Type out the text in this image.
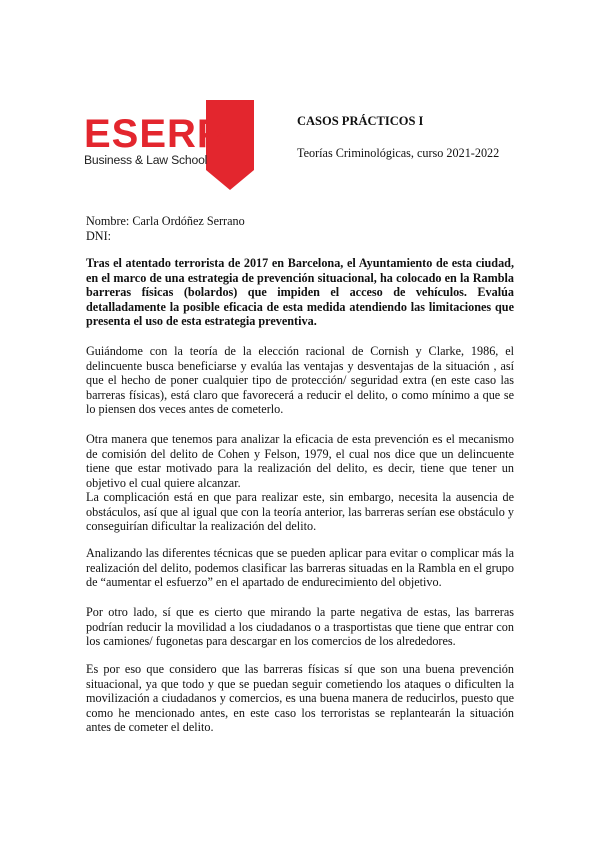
ESERP
Business & Law School
CASOS PRÁCTICOS I
Teorías Criminológicas, curso 2021-2022
Nombre: Carla Ordóñez Serrano
DNI:
Tras el atentado terrorista de 2017 en Barcelona, el Ayuntamiento de esta ciudad, en el marco de una estrategia de prevención situacional, ha colocado en la Rambla barreras físicas (bolardos) que impiden el acceso de vehículos. Evalúa detalladamente la posible eficacia de esta medida atendiendo las limitaciones que presenta el uso de esta estrategia preventiva.
Guiándome con la teoría de la elección racional de Cornish y Clarke, 1986, el delincuente busca beneficiarse y evalúa las ventajas y desventajas de la situación , así que el hecho de poner cualquier tipo de protección/ seguridad extra (en este caso las barreras físicas), está claro que favorecerá a reducir el delito, o como mínimo a que se lo piensen dos veces antes de cometerlo.
Otra manera que tenemos para analizar la eficacia de esta prevención es el mecanismo de comisión del delito de Cohen y Felson, 1979, el cual nos dice que un delincuente tiene que estar motivado para la realización del delito, es decir, tiene que tener un objetivo el cual quiere alcanzar.
La complicación está en que para realizar este, sin embargo, necesita la ausencia de obstáculos, así que al igual que con la teoría anterior, las barreras serían ese obstáculo y conseguirían dificultar la realización del delito.
Analizando las diferentes técnicas que se pueden aplicar para evitar o complicar más la realización del delito, podemos clasificar las barreras situadas en la Rambla en el grupo de “aumentar el esfuerzo” en el apartado de endurecimiento del objetivo.
Por otro lado, sí que es cierto que mirando la parte negativa de estas, las barreras podrían reducir la movilidad a los ciudadanos o a trasportistas que tiene que entrar con los camiones/ fugonetas para descargar en los comercios de los alrededores.
Es por eso que considero que las barreras físicas sí que son una buena prevención situacional, ya que todo y que se puedan seguir cometiendo los ataques o dificulten la movilización a ciudadanos y comercios, es una buena manera de reducirlos, puesto que como he mencionado antes, en este caso los terroristas se replantearán la situación antes de cometer el delito.
